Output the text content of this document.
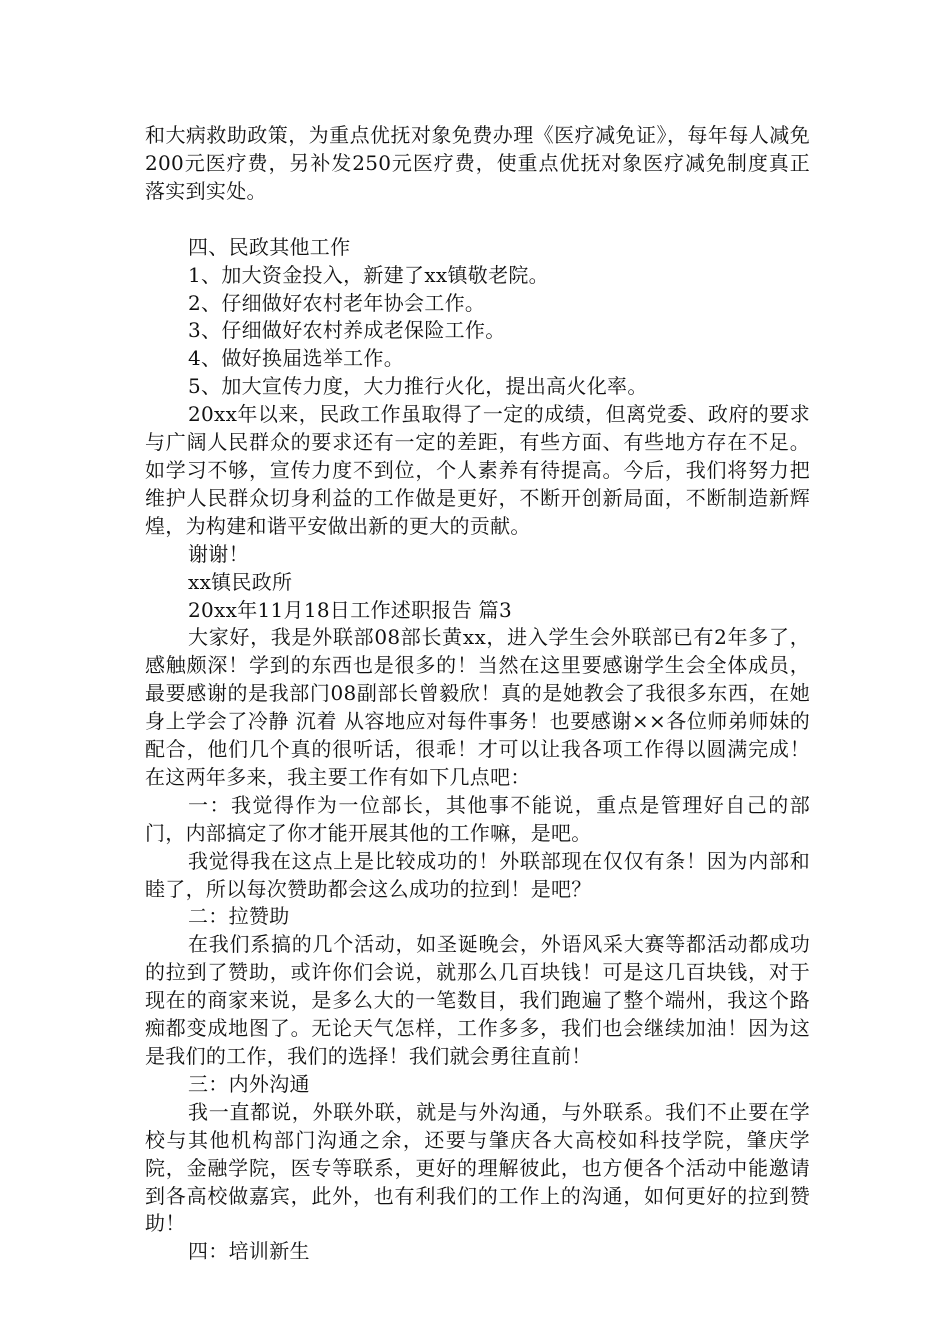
和大病救助政策，为重点优抚对象免费办理《医疗减免证》，每年每人减免200元医疗费，另补发250元医疗费，使重点优抚对象医疗减免制度真正落实到实处。

四、民政其他工作

1、加大资金投入，新建了xx镇敬老院。

2、仔细做好农村老年协会工作。

3、仔细做好农村养成老保险工作。

4、做好换届选举工作。

5、加大宣传力度，大力推行火化，提出高火化率。

20xx年以来，民政工作虽取得了一定的成绩，但离党委、政府的要求与广阔人民群众的要求还有一定的差距，有些方面、有些地方存在不足。如学习不够，宣传力度不到位，个人素养有待提高。今后，我们将努力把维护人民群众切身利益的工作做是更好，不断开创新局面，不断制造新辉煌，为构建和谐平安做出新的更大的贡献。

谢谢！

xx镇民政所

20xx年11月18日工作述职报告 篇3

大家好，我是外联部08部长黄xx，进入学生会外联部已有2年多了，感触颇深！学到的东西也是很多的！当然在这里要感谢学生会全体成员，最要感谢的是我部门08副部长曾毅欣！真的是她教会了我很多东西，在她身上学会了冷静 沉着 从容地应对每件事务！也要感谢××各位师弟师妹的配合，他们几个真的很听话，很乖！才可以让我各项工作得以圆满完成！在这两年多来，我主要工作有如下几点吧：

一：我觉得作为一位部长，其他事不能说，重点是管理好自己的部门，内部搞定了你才能开展其他的工作嘛，是吧。

我觉得我在这点上是比较成功的！外联部现在仅仅有条！因为内部和睦了，所以每次赞助都会这么成功的拉到！是吧？

二：拉赞助

在我们系搞的几个活动，如圣诞晚会，外语风采大赛等都活动都成功的拉到了赞助，或许你们会说，就那么几百块钱！可是这几百块钱，对于现在的商家来说，是多么大的一笔数目，我们跑遍了整个端州，我这个路痴都变成地图了。无论天气怎样，工作多多，我们也会继续加油！因为这是我们的工作，我们的选择！我们就会勇往直前！

三：内外沟通

我一直都说，外联外联，就是与外沟通，与外联系。我们不止要在学校与其他机构部门沟通之余，还要与肇庆各大高校如科技学院，肇庆学院，金融学院，医专等联系，更好的理解彼此，也方便各个活动中能邀请到各高校做嘉宾，此外，也有利我们的工作上的沟通，如何更好的拉到赞助！

四：培训新生
